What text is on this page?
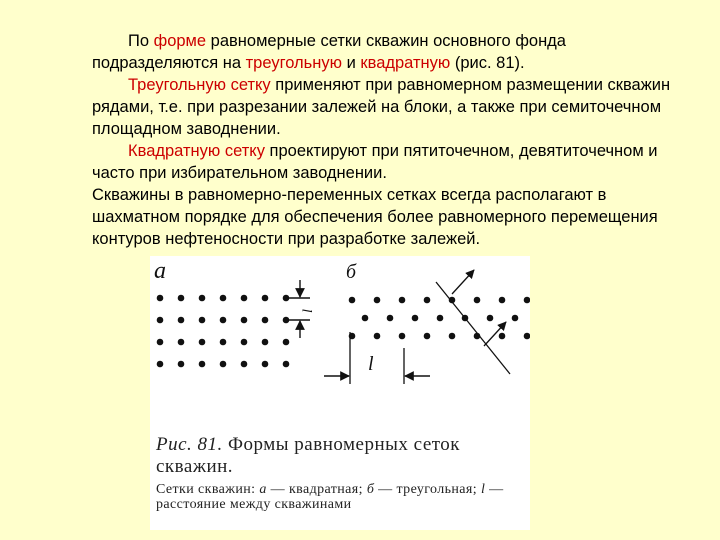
По форме равномерные сетки скважин основного фонда подразделяются на треугольную и квадратную (рис. 81).

Треугольную сетку применяют при равномерном размещении скважин рядами, т.е. при разрезании залежей на блоки, а также при семиточечном площадном заводнении.

Квадратную сетку проектируют при пятиточечном, девятиточечном и часто при избирательном заводнении.

Скважины в равномерно-переменных сетках всегда располагают в шахматном порядке для обеспечения более равномерного перемещения контуров нефтеносности при разработке залежей.

а	б
l
l
Рис. 81. Формы равномерных сеток скважин.
Сетки скважин: а — квадратная; б — треугольная; l — расстояние между скважинами
